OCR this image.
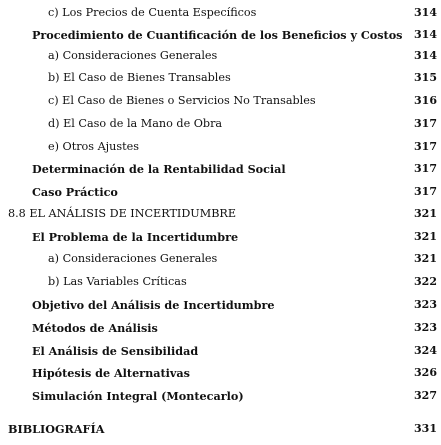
c) Los Precios de Cuenta Específicos	314
Procedimiento de Cuantificación de los Beneficios y Costos 314
a) Consideraciones Generales	314
b) El Caso de Bienes Transables	315
c) El Caso de Bienes o Servicios No Transables	316
d) El Caso de la Mano de Obra	317
e) Otros Ajustes	317
Determinación de la Rentabilidad Social	317
Caso Práctico	317
8.8 EL ANÁLISIS DE INCERTIDUMBRE	321
El Problema de la Incertidumbre	321
a) Consideraciones Generales	321
b) Las Variables Críticas	322
Objetivo del Análisis de Incertidumbre	323
Métodos de Análisis	323
El Análisis de Sensibilidad	324
Hipótesis de Alternativas	326
Simulación Integral (Montecarlo)	327
BIBLIOGRAFÍA	331
